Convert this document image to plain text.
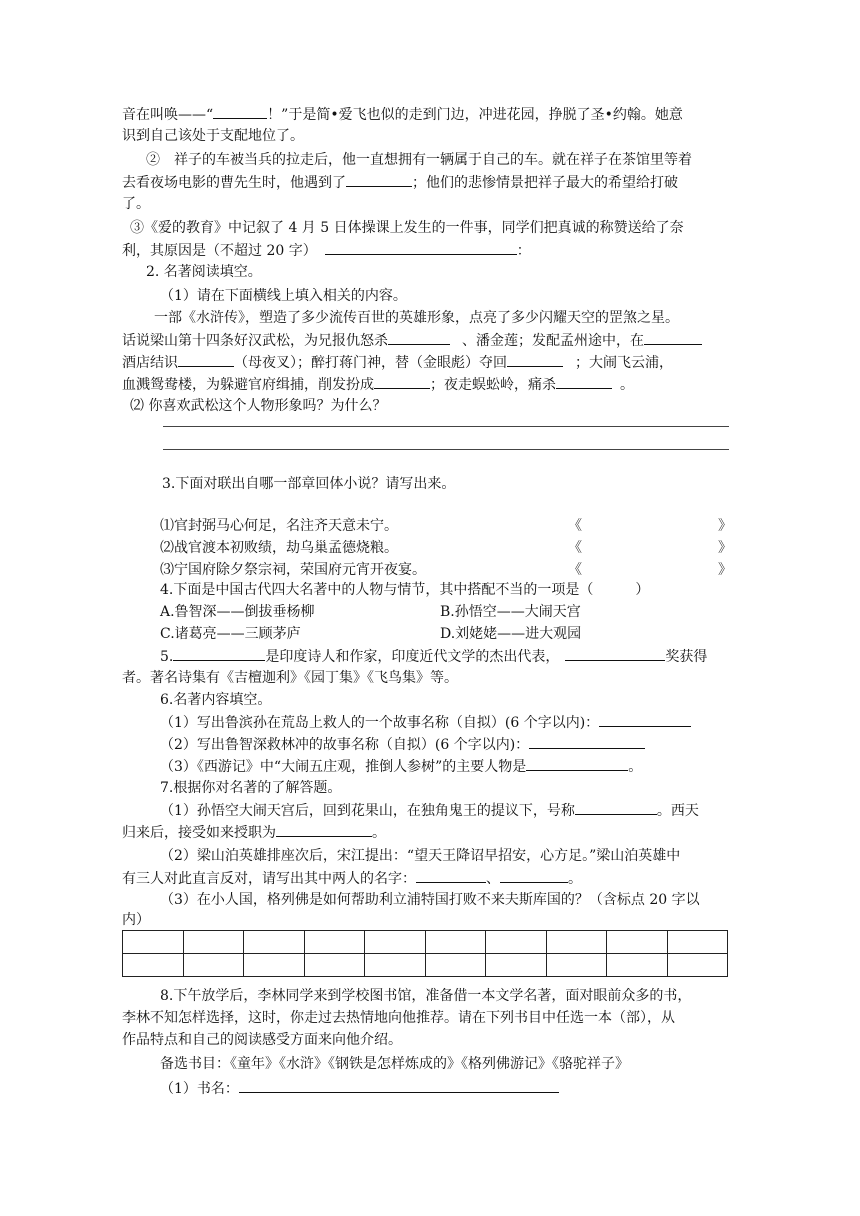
音在叫唤——“	！”于是简•爱飞也似的走到门边，冲进花园，挣脱了圣•约翰。她意
识到自己该处于支配地位了。
②　祥子的车被当兵的拉走后，他一直想拥有一辆属于自己的车。就在祥子在茶馆里等着
去看夜场电影的曹先生时，他遇到了	；他们的悲惨情景把祥子最大的希望给打破
了。
③《爱的教育》中记叙了 4 月 5 日体操课上发生的一件事，同学们把真诚的称赞送给了奈
利，其原因是（不超过 20 字）	：
2. 名著阅读填空。
（1）请在下面横线上填入相关的内容。
一部《水浒传》，塑造了多少流传百世的英雄形象，点亮了多少闪耀天空的罡煞之星。
话说梁山第十四条好汉武松，为兄报仇怒杀	、潘金莲；发配孟州途中，在
酒店结识	（母夜叉）；醉打蒋门神，替（金眼彪）夺回	；大闹飞云浦，
血溅鸳鸯楼，为躲避官府缉捕，削发扮成	；夜走蜈蚣岭，痛杀	。
⑵ 你喜欢武松这个人物形象吗？为什么？
3.下面对联出自哪一部章回体小说？请写出来。
⑴官封弼马心何足，名注齐天意未宁。	《	》
⑵战官渡本初败绩，劫乌巢孟德烧粮。	《	》
⑶宁国府除夕祭宗祠，荣国府元宵开夜宴。	《	》
4.下面是中国古代四大名著中的人物与情节，其中搭配不当的一项是（　　　）
A.鲁智深——倒拔垂杨柳	B.孙悟空——大闹天宫
C.诸葛亮——三顾茅庐	D.刘姥姥——进大观园
5.	是印度诗人和作家，印度近代文学的杰出代表，	奖获得
者。著名诗集有《吉檀迦利》《园丁集》《飞鸟集》等。
6.名著内容填空。
（1）写出鲁滨孙在荒岛上救人的一个故事名称（自拟）(6 个字以内)：
（2）写出鲁智深救林冲的故事名称（自拟）(6 个字以内)：
（3）《西游记》中“大闹五庄观，推倒人参树”的主要人物是	。
7.根据你对名著的了解答题。
（1）孙悟空大闹天宫后，回到花果山，在独角鬼王的提议下，号称	。西天
归来后，接受如来授职为	。
（2）梁山泊英雄排座次后，宋江提出：“望天王降诏早招安，心方足。”梁山泊英雄中
有三人对此直言反对，请写出其中两人的名字：	、	。
（3）在小人国，格列佛是如何帮助利立浦特国打败不来夫斯库国的？（含标点 20 字以
内）

8.下午放学后，李林同学来到学校图书馆，准备借一本文学名著，面对眼前众多的书，
李林不知怎样选择，这时，你走过去热情地向他推荐。请在下列书目中任选一本（部），从
作品特点和自己的阅读感受方面来向他介绍。
备选书目：《童年》《水浒》《钢铁是怎样炼成的》《格列佛游记》《骆驼祥子》
（1）书名：
